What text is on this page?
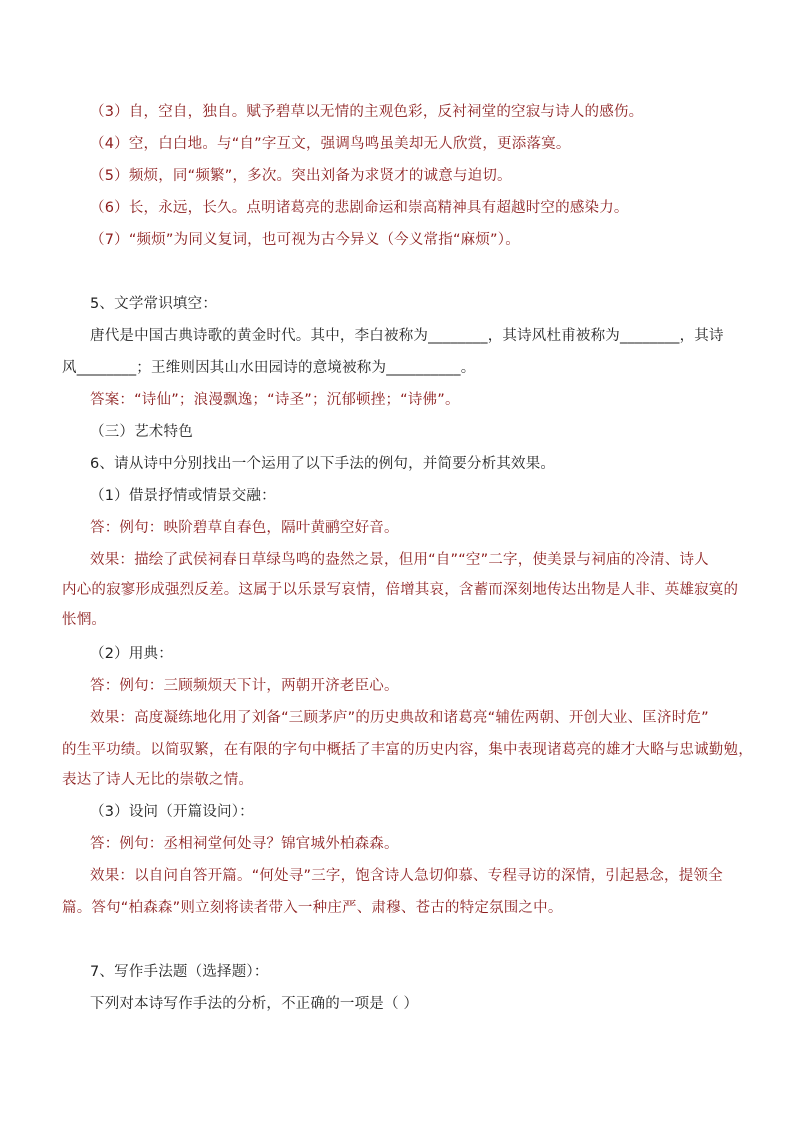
（3）自，空自，独自。赋予碧草以无情的主观色彩，反衬祠堂的空寂与诗人的感伤。
（4）空，白白地。与“自”字互文，强调鸟鸣虽美却无人欣赏，更添落寞。
（5）频烦，同“频繁”，多次。突出刘备为求贤才的诚意与迫切。
（6）长，永远，长久。点明诸葛亮的悲剧命运和崇高精神具有超越时空的感染力。
（7）“频烦”为同义复词，也可视为古今异义（今义常指“麻烦”）。
5、文学常识填空：
唐代是中国古典诗歌的黄金时代。其中，李白被称为________，其诗风杜甫被称为________，其诗
风________；王维则因其山水田园诗的意境被称为__________。
答案：“诗仙”；浪漫飘逸；“诗圣”；沉郁顿挫；“诗佛”。
（三）艺术特色
6、请从诗中分别找出一个运用了以下手法的例句，并简要分析其效果。
（1）借景抒情或情景交融：
答：例句：映阶碧草自春色，隔叶黄鹂空好音。
效果：描绘了武侯祠春日草绿鸟鸣的盎然之景，但用“自”“空”二字，使美景与祠庙的冷清、诗人
内心的寂寥形成强烈反差。这属于以乐景写哀情，倍增其哀，含蓄而深刻地传达出物是人非、英雄寂寞的
怅惘。
（2）用典：
答：例句：三顾频烦天下计，两朝开济老臣心。
效果：高度凝练地化用了刘备“三顾茅庐”的历史典故和诸葛亮“辅佐两朝、开创大业、匡济时危”
的生平功绩。以简驭繁，在有限的字句中概括了丰富的历史内容，集中表现诸葛亮的雄才大略与忠诚勤勉，
表达了诗人无比的崇敬之情。
（3）设问（开篇设问）：
答：例句：丞相祠堂何处寻？锦官城外柏森森。
效果：以自问自答开篇。“何处寻”三字，饱含诗人急切仰慕、专程寻访的深情，引起悬念，提领全
篇。答句“柏森森”则立刻将读者带入一种庄严、肃穆、苍古的特定氛围之中。
7、写作手法题（选择题）：
下列对本诗写作手法的分析，不正确的一项是（ ）
